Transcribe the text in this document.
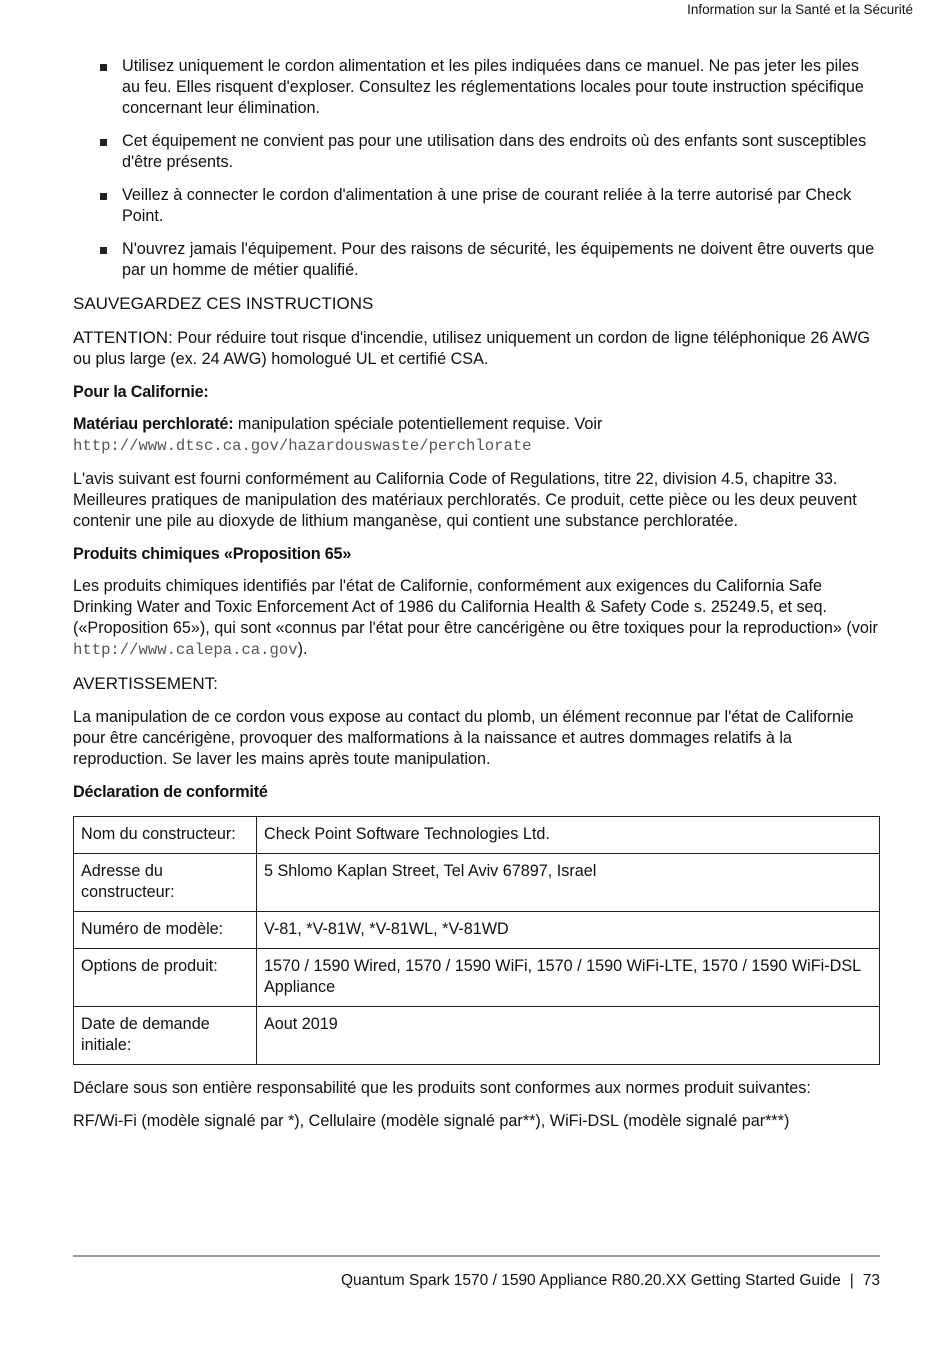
Information sur la Santé et la Sécurité
Utilisez uniquement le cordon alimentation et les piles indiquées dans ce manuel. Ne pas jeter les piles au feu. Elles risquent d'exploser. Consultez les réglementations locales pour toute instruction spécifique concernant leur élimination.
Cet équipement ne convient pas pour une utilisation dans des endroits où des enfants sont susceptibles d'être présents.
Veillez à connecter le cordon d'alimentation à une prise de courant reliée à la terre autorisé par Check Point.
N'ouvrez jamais l'équipement. Pour des raisons de sécurité, les équipements ne doivent être ouverts que par un homme de métier qualifié.
SAUVEGARDEZ CES INSTRUCTIONS

ATTENTION: Pour réduire tout risque d'incendie, utilisez uniquement un cordon de ligne téléphonique 26 AWG ou plus large (ex. 24 AWG) homologué UL et certifié CSA.

Pour la Californie:

Matériau perchloraté: manipulation spéciale potentiellement requise. Voir
http://www.dtsc.ca.gov/hazardouswaste/perchlorate

L'avis suivant est fourni conformément au California Code of Regulations, titre 22, division 4.5, chapitre 33. Meilleures pratiques de manipulation des matériaux perchloratés. Ce produit, cette pièce ou les deux peuvent contenir une pile au dioxyde de lithium manganèse, qui contient une substance perchloratée.

Produits chimiques «Proposition 65»

Les produits chimiques identifiés par l'état de Californie, conformément aux exigences du California Safe Drinking Water and Toxic Enforcement Act of 1986 du California Health & Safety Code s. 25249.5, et seq. («Proposition 65»), qui sont «connus par l'état pour être cancérigène ou être toxiques pour la reproduction» (voir http://www.calepa.ca.gov).

AVERTISSEMENT:

La manipulation de ce cordon vous expose au contact du plomb, un élément reconnue par l'état de Californie pour être cancérigène, provoquer des malformations à la naissance et autres dommages relatifs à la reproduction. Se laver les mains après toute manipulation.

Déclaration de conformité
Nom du constructeur:	Check Point Software Technologies Ltd.
Adresse du constructeur:	5 Shlomo Kaplan Street, Tel Aviv 67897, Israel
Numéro de modèle:	V-81, *V-81W, *V-81WL, *V-81WD
Options de produit:	1570 / 1590 Wired, 1570 / 1590 WiFi, 1570 / 1590 WiFi-LTE, 1570 / 1590 WiFi-DSL Appliance
Date de demande initiale:	Aout 2019

Déclare sous son entière responsabilité que les produits sont conformes aux normes produit suivantes:

RF/Wi-Fi (modèle signalé par *), Cellulaire (modèle signalé par**), WiFi-DSL (modèle signalé par***)

Quantum Spark 1570 / 1590 Appliance R80.20.XX Getting Started Guide | 73
